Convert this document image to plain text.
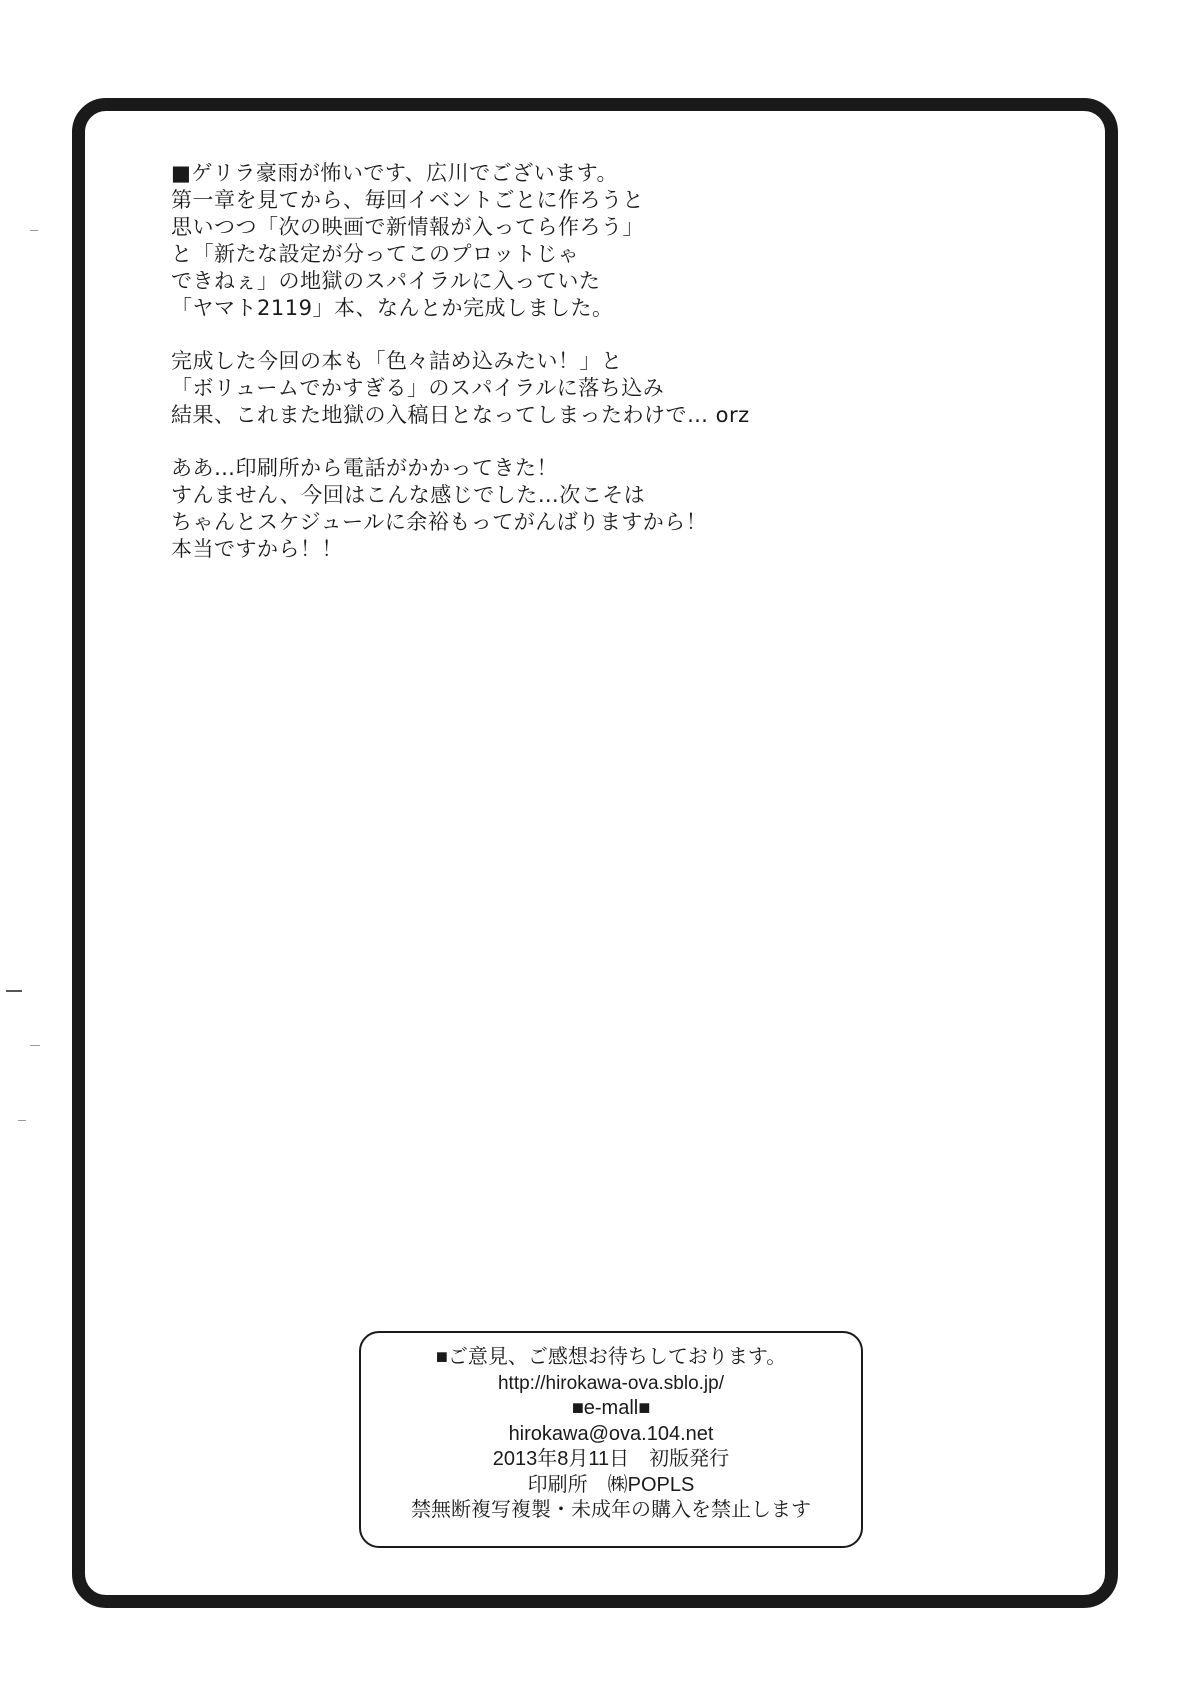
■ゲリラ豪雨が怖いです、広川でございます。
第一章を見てから、毎回イベントごとに作ろうと
思いつつ「次の映画で新情報が入ってら作ろう」
と「新たな設定が分ってこのプロットじゃ
できねぇ」の地獄のスパイラルに入っていた
「ヤマト2119」本、なんとか完成しました。
完成した今回の本も「色々詰め込みたい！」と
「ボリュームでかすぎる」のスパイラルに落ち込み
結果、これまた地獄の入稿日となってしまったわけで… orz
ああ…印刷所から電話がかかってきた！
すんません、今回はこんな感じでした…次こそは
ちゃんとスケジュールに余裕もってがんばりますから！
本当ですから！！
■ご意見、ご感想お待ちしております。
http://hirokawa-ova.sblo.jp/
■e-mall■
hirokawa@ova.104.net
2013年8月11日　初版発行
印刷所　㈱POPLS
禁無断複写複製・未成年の購入を禁止します
